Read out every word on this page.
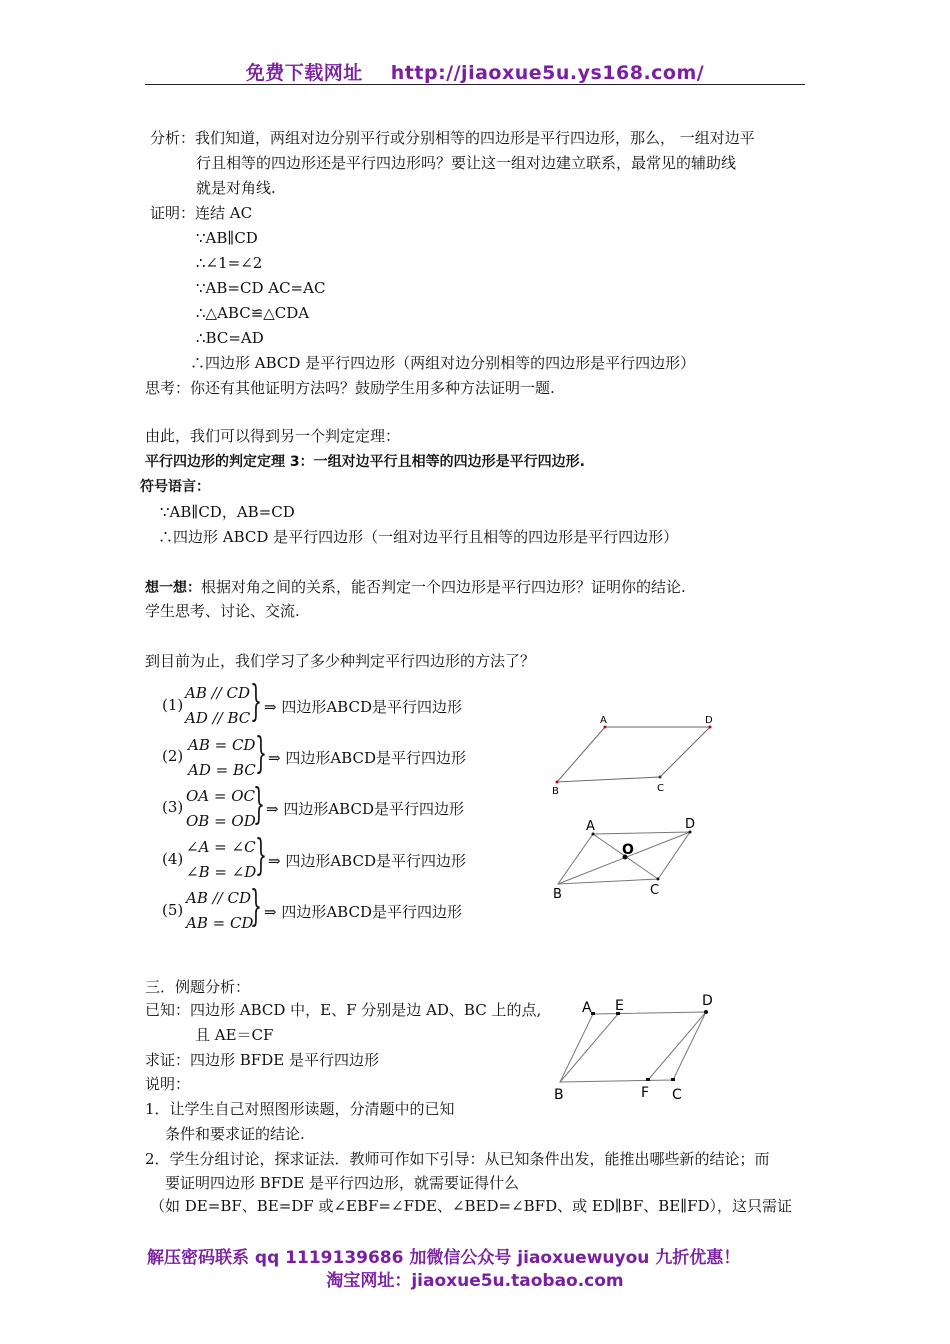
免费下载网址 http://jiaoxue5u.ys168.com/
分析：我们知道，两组对边分别平行或分别相等的四边形是平行四边形，那么， 一组对边平
行且相等的四边形还是平行四边形吗？要让这一组对边建立联系，最常见的辅助线
就是对角线.
证明：连结 AC
∵AB∥CD
∴∠1=∠2
∵AB=CD AC=AC
∴△ABC≌△CDA
∴BC=AD
∴四边形 ABCD 是平行四边形（两组对边分别相等的四边形是平行四边形）
思考：你还有其他证明方法吗？鼓励学生用多种方法证明一题.
由此，我们可以得到另一个判定定理：
平行四边形的判定定理 3：一组对边平行且相等的四边形是平行四边形.
符号语言：
∵AB∥CD，AB=CD
∴四边形 ABCD 是平行四边形（一组对边平行且相等的四边形是平行四边形）
想一想：根据对角之间的关系，能否判定一个四边形是平行四边形？证明你的结论.
学生思考、讨论、交流.
到目前为止，我们学习了多少种判定平行四边形的方法了？
(1)
AB // CD
AD // BC } ⇒ 四边形ABCD是平行四边形
(2)
AB = CD
AD = BC } ⇒ 四边形ABCD是平行四边形
(3)
OA = OC
OB = OD
} ⇒ 四边形ABCD是平行四边形
(4)
∠A = ∠C
∠B = ∠D
} ⇒ 四边形ABCD是平行四边形
(5)
AB // CD
AB = CD
} ⇒ 四边形ABCD是平行四边形
A	D
B	C
A	D
O
B	C
三．例题分析：
已知：四边形 ABCD 中，E、F 分别是边 AD、BC 上的点,
且 AE＝CF
求证：四边形 BFDE 是平行四边形
说明：
1．让学生自己对照图形读题，分清题中的已知
条件和要求证的结论.
2．学生分组讨论，探求证法．教师可作如下引导：从已知条件出发，能推出哪些新的结论；而
要证明四边形 BFDE 是平行四边形，就需要证得什么
（如 DE=BF、BE=DF 或∠EBF=∠FDE、∠BED=∠BFD、或 ED∥BF、BE∥FD），这只需证
A E	D
B	F C
解压密码联系 qq 1119139686 加微信公众号 jiaoxuewuyou 九折优惠！
淘宝网址：jiaoxue5u.taobao.com
